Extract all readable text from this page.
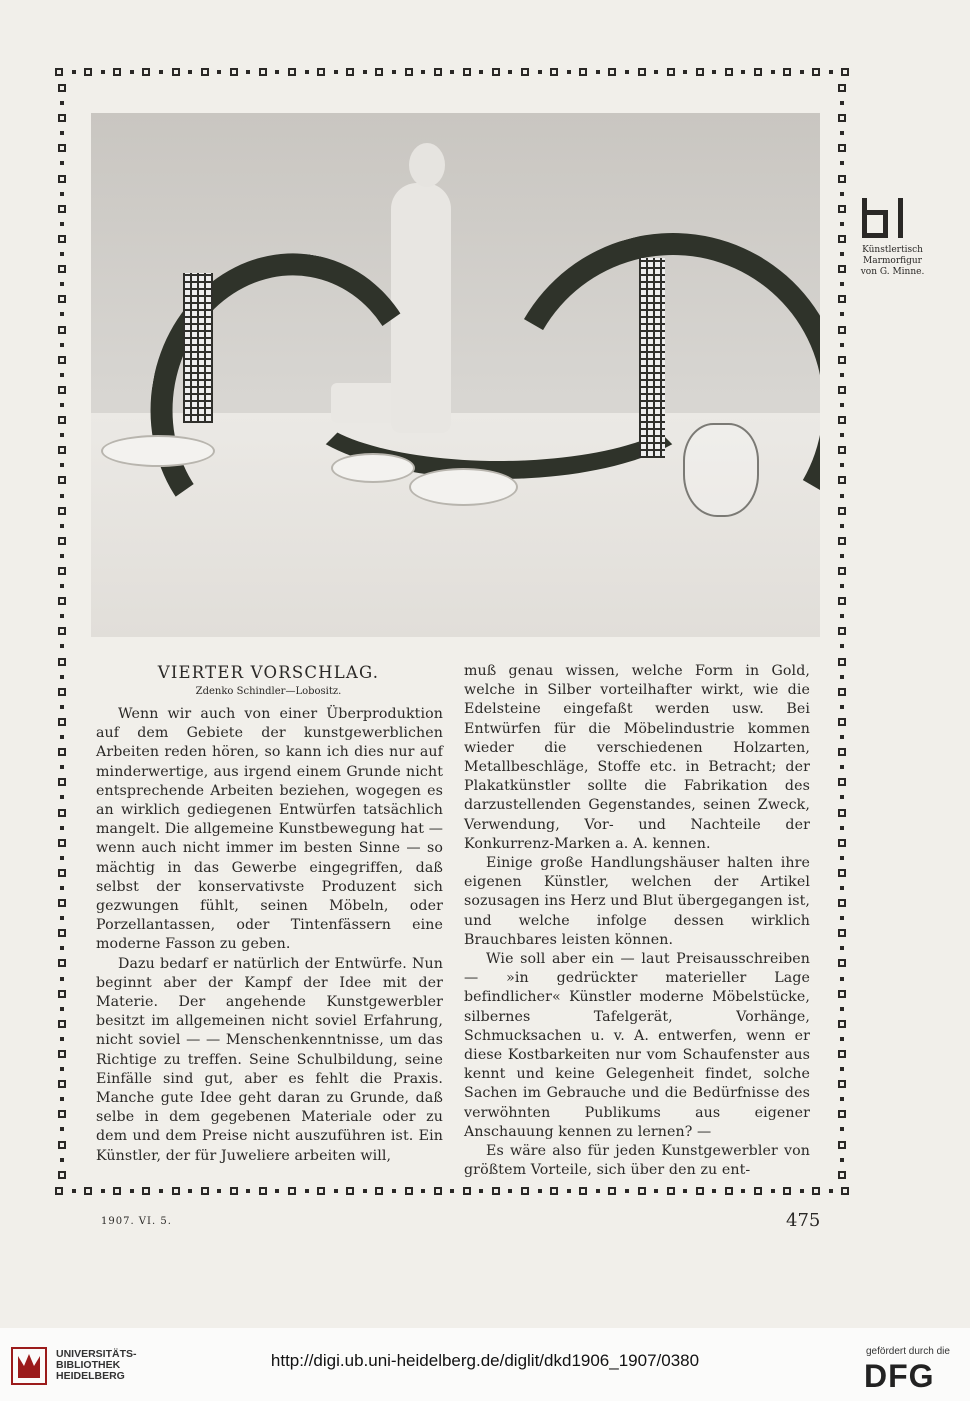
Künstlertisch
Marmorfigur
von G. Minne.
VIERTER VORSCHLAG.
Zdenko Schindler—Lobositz.

Wenn wir auch von einer Überproduktion auf dem Gebiete der kunstgewerblichen Arbeiten reden hören, so kann ich dies nur auf minderwertige, aus irgend einem Grunde nicht entsprechende Arbeiten beziehen, wogegen es an wirklich gediegenen Entwürfen tatsächlich mangelt. Die allgemeine Kunstbewegung hat — wenn auch nicht immer im besten Sinne — so mächtig in das Gewerbe eingegriffen, daß selbst der konservativste Produzent sich gezwungen fühlt, seinen Möbeln, oder Porzellantassen, oder Tintenfässern eine moderne Fasson zu geben.

Dazu bedarf er natürlich der Entwürfe. Nun beginnt aber der Kampf der Idee mit der Materie. Der angehende Kunstgewerbler besitzt im allgemeinen nicht soviel Erfahrung, nicht soviel — — Menschenkenntnisse, um das Richtige zu treffen. Seine Schulbildung, seine Einfälle sind gut, aber es fehlt die Praxis. Manche gute Idee geht daran zu Grunde, daß selbe in dem gegebenen Materiale oder zu dem und dem Preise nicht auszuführen ist. Ein Künstler, der für Juweliere arbeiten will,

muß genau wissen, welche Form in Gold, welche in Silber vorteilhafter wirkt, wie die Edelsteine eingefaßt werden usw. Bei Entwürfen für die Möbelindustrie kommen wieder die verschiedenen Holzarten, Metallbeschläge, Stoffe etc. in Betracht; der Plakatkünstler sollte die Fabrikation des darzustellenden Gegenstandes, seinen Zweck, Verwendung, Vor- und Nachteile der Konkurrenz-Marken a. A. kennen.

Einige große Handlungshäuser halten ihre eigenen Künstler, welchen der Artikel sozusagen ins Herz und Blut übergegangen ist, und welche infolge dessen wirklich Brauchbares leisten können.

Wie soll aber ein — laut Preisausschreiben — »in gedrückter materieller Lage befindlicher« Künstler moderne Möbelstücke, silbernes Tafelgerät, Vorhänge, Schmucksachen u. v. A. entwerfen, wenn er diese Kostbarkeiten nur vom Schaufenster aus kennt und keine Gelegenheit findet, solche Sachen im Gebrauche und die Bedürfnisse des verwöhnten Publikums aus eigener Anschauung kennen zu lernen? —

Es wäre also für jeden Kunstgewerbler von größtem Vorteile, sich über den zu ent-

1907. VI. 5.	475
UNIVERSITÄTS-
BIBLIOTHEK
HEIDELBERG
http://digi.ub.uni-heidelberg.de/diglit/dkd1906_1907/0380	gefördert durch die
DFG
